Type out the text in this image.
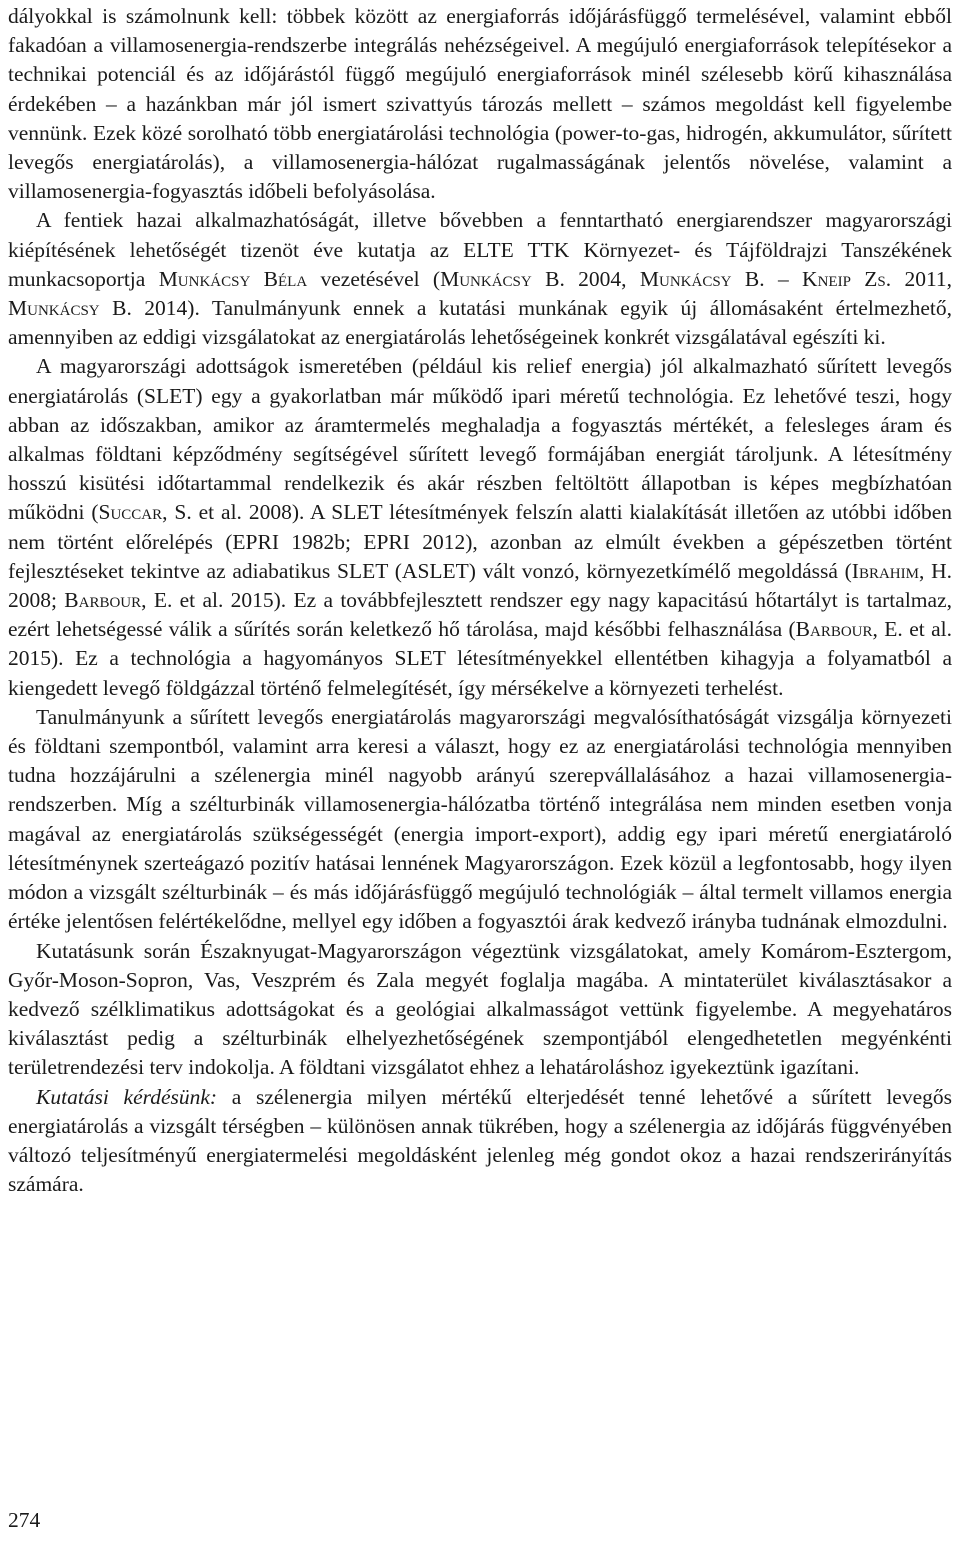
dályokkal is számolnunk kell: többek között az energiaforrás időjárásfüggő termelésével, valamint ebből fakadóan a villamosenergia-rendszerbe integrálás nehézségeivel. A megújuló energiaforrások telepítésekor a technikai potenciál és az időjárástól függő megújuló energiaforrások minél szélesebb körű kihasználása érdekében – a hazánkban már jól ismert szivattyús tározás mellett – számos megoldást kell figyelembe vennünk. Ezek közé sorolható több energiatárolási technológia (power-to-gas, hidrogén, akkumulátor, sűrített levegős energiatárolás), a villamosenergia-hálózat rugalmasságának jelentős növelése, valamint a villamosenergia-fogyasztás időbeli befolyásolása.

A fentiek hazai alkalmazhatóságát, illetve bővebben a fenntartható energiarendszer magyarországi kiépítésének lehetőségét tizenöt éve kutatja az ELTE TTK Környezet- és Tájföldrajzi Tanszékének munkacsoportja Munkácsy Béla vezetésével (Munkácsy B. 2004, Munkácsy B. – Kneip Zs. 2011, Munkácsy B. 2014). Tanulmányunk ennek a kutatási munkának egyik új állomásaként értelmezhető, amennyiben az eddigi vizsgálatokat az energiatárolás lehetőségeinek konkrét vizsgálatával egészíti ki.

A magyarországi adottságok ismeretében (például kis relief energia) jól alkalmazható sűrített levegős energiatárolás (SLET) egy a gyakorlatban már működő ipari méretű technológia. Ez lehetővé teszi, hogy abban az időszakban, amikor az áramtermelés meghaladja a fogyasztás mértékét, a felesleges áram és alkalmas földtani képződmény segítségével sűrített levegő formájában energiát tároljunk. A létesítmény hosszú kisütési időtartammal rendelkezik és akár részben feltöltött állapotban is képes megbízhatóan működni (Succar, S. et al. 2008). A SLET létesítmények felszín alatti kialakítását illetően az utóbbi időben nem történt előrelépés (EPRI 1982b; EPRI 2012), azonban az elmúlt években a gépészetben történt fejlesztéseket tekintve az adiabatikus SLET (ASLET) vált vonzó, környezetkímélő megoldássá (Ibrahim, H. 2008; Barbour, E. et al. 2015). Ez a továbbfejlesztett rendszer egy nagy kapacitású hőtartályt is tartalmaz, ezért lehetségessé válik a sűrítés során keletkező hő tárolása, majd későbbi felhasználása (Barbour, E. et al. 2015). Ez a technológia a hagyományos SLET létesítményekkel ellentétben kihagyja a folyamatból a kiengedett levegő földgázzal történő felmelegítését, így mérsékelve a környezeti terhelést.

Tanulmányunk a sűrített levegős energiatárolás magyarországi megvalósíthatóságát vizsgálja környezeti és földtani szempontból, valamint arra keresi a választ, hogy ez az energiatárolási technológia mennyiben tudna hozzájárulni a szélenergia minél nagyobb arányú szerepvállalásához a hazai villamosenergia-rendszerben. Míg a szélturbinák villamosenergia-hálózatba történő integrálása nem minden esetben vonja magával az energiatárolás szükségességét (energia import-export), addig egy ipari méretű energiatároló létesítménynek szerteágazó pozitív hatásai lennének Magyarországon. Ezek közül a legfontosabb, hogy ilyen módon a vizsgált szélturbinák – és más időjárásfüggő megújuló technológiák – által termelt villamos energia értéke jelentősen felértékelődne, mellyel egy időben a fogyasztói árak kedvező irányba tudnának elmozdulni.

Kutatásunk során Északnyugat-Magyarországon végeztünk vizsgálatokat, amely Komárom-Esztergom, Győr-Moson-Sopron, Vas, Veszprém és Zala megyét foglalja magába. A mintaterület kiválasztásakor a kedvező szélklimatikus adottságokat és a geológiai alkalmasságot vettünk figyelembe. A megyehatáros kiválasztást pedig a szélturbinák elhelyezhetőségének szempontjából elengedhetetlen megyénkénti területrendezési terv indokolja. A földtani vizsgálatot ehhez a lehatároláshoz igyekeztünk igazítani.

Kutatási kérdésünk: a szélenergia milyen mértékű elterjedését tenné lehetővé a sűrített levegős energiatárolás a vizsgált térségben – különösen annak tükrében, hogy a szélenergia az időjárás függvényében változó teljesítményű energiatermelési megoldásként jelenleg még gondot okoz a hazai rendszerirányítás számára.

274
